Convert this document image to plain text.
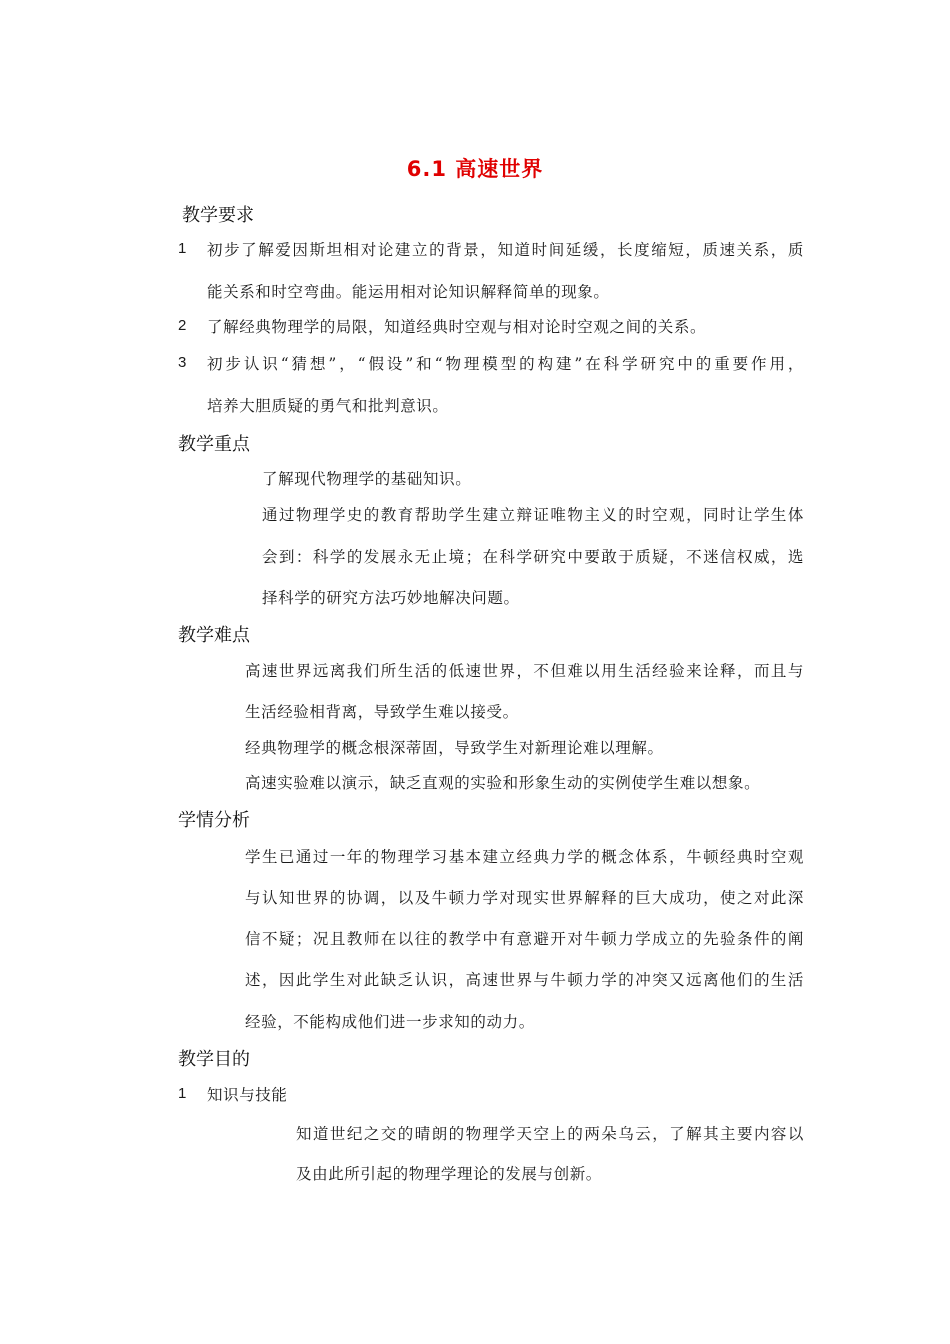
6.1 高速世界
教学要求
1 初步了解爱因斯坦相对论建立的背景，知道时间延缓，长度缩短，质速关系，质
能关系和时空弯曲。能运用相对论知识解释简单的现象。
2 了解经典物理学的局限，知道经典时空观与相对论时空观之间的关系。
3 初步认识“猜想”，“假设”和“物理模型的构建”在科学研究中的重要作用，
培养大胆质疑的勇气和批判意识。
教学重点
了解现代物理学的基础知识。
通过物理学史的教育帮助学生建立辩证唯物主义的时空观，同时让学生体
会到：科学的发展永无止境；在科学研究中要敢于质疑，不迷信权威，选
择科学的研究方法巧妙地解决问题。
教学难点
高速世界远离我们所生活的低速世界，不但难以用生活经验来诠释，而且与
生活经验相背离，导致学生难以接受。
经典物理学的概念根深蒂固，导致学生对新理论难以理解。
高速实验难以演示，缺乏直观的实验和形象生动的实例使学生难以想象。
学情分析
学生已通过一年的物理学习基本建立经典力学的概念体系，牛顿经典时空观
与认知世界的协调，以及牛顿力学对现实世界解释的巨大成功，使之对此深
信不疑；况且教师在以往的教学中有意避开对牛顿力学成立的先验条件的阐
述，因此学生对此缺乏认识，高速世界与牛顿力学的冲突又远离他们的生活
经验，不能构成他们进一步求知的动力。
教学目的
1 知识与技能
知道世纪之交的晴朗的物理学天空上的两朵乌云，了解其主要内容以
及由此所引起的物理学理论的发展与创新。
